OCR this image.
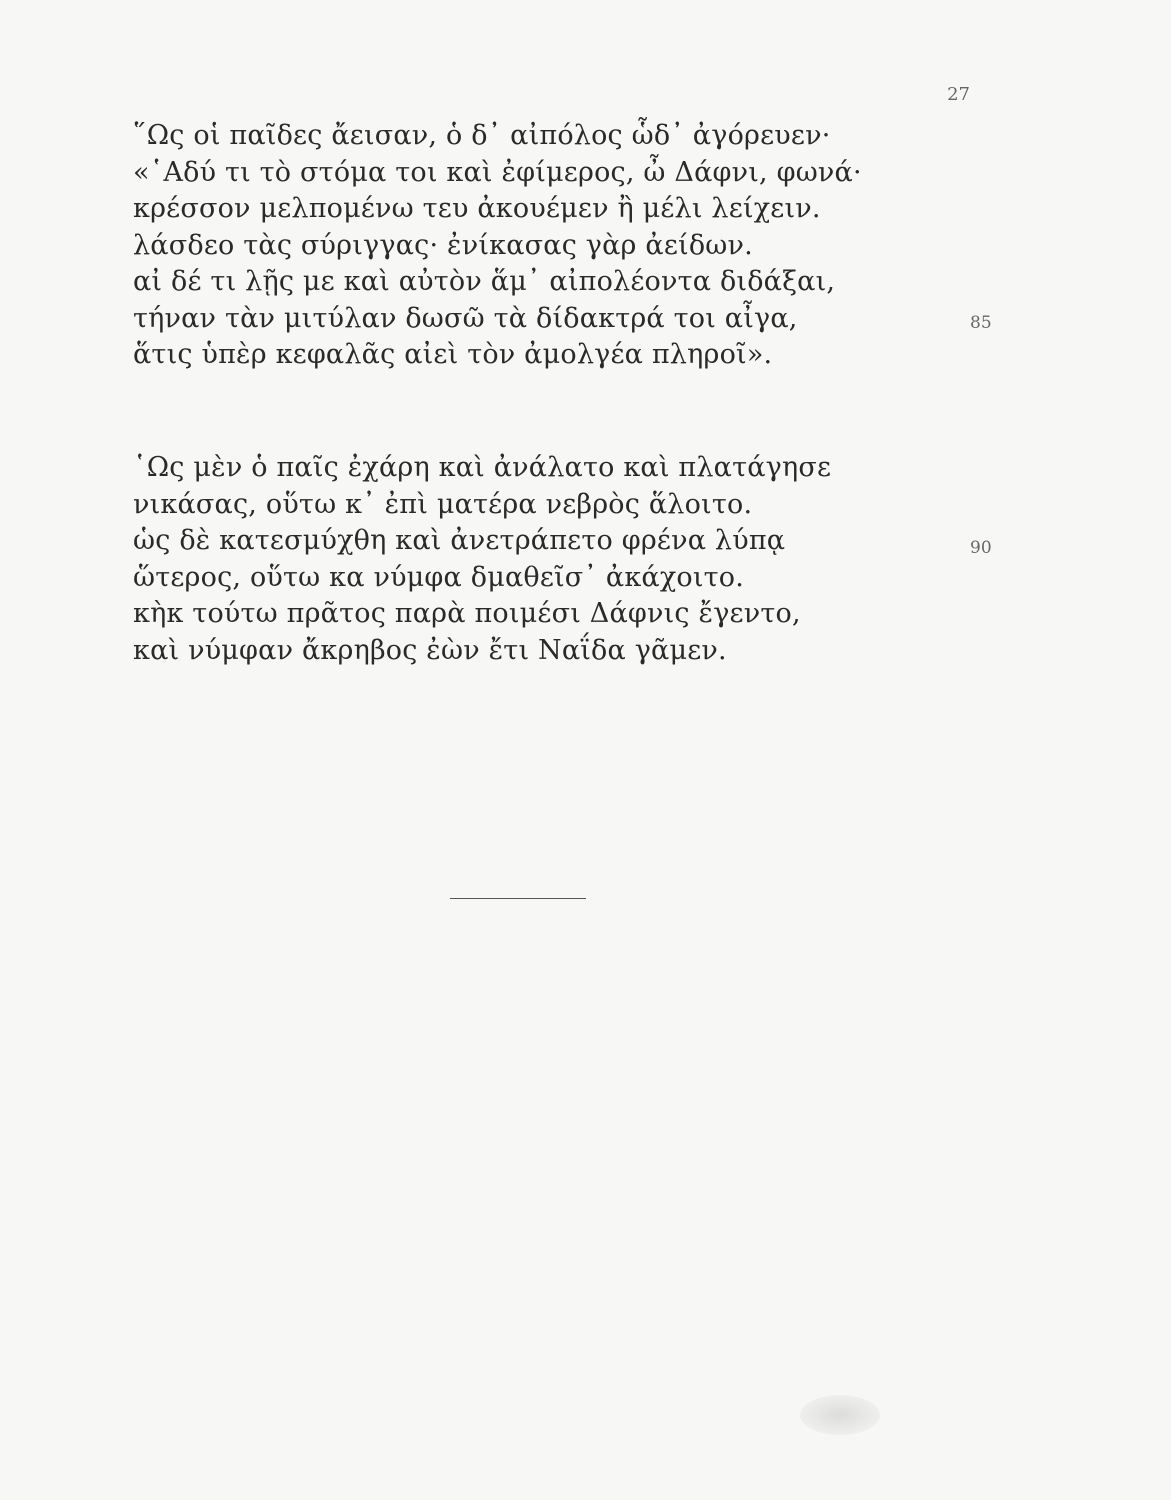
27
῞Ως οἱ παῖδες ἄεισαν, ὁ δ᾽ αἰπόλος ὧδ᾽ ἀγόρευεν·
«῾Αδύ τι τὸ στόμα τοι καὶ ἐφίμερος, ὦ Δάφνι, φωνά·
κρέσσον μελπομένω τευ ἀκουέμεν ἢ μέλι λείχειν.
λάσδεο τὰς σύριγγας· ἐνίκασας γὰρ ἀείδων.
αἰ δέ τι λῇς με καὶ αὐτὸν ἅμ᾽ αἰπολέοντα διδάξαι,
τήναν τὰν μιτύλαν δωσῶ τὰ δίδακτρά τοι αἶγα,
ἅτις ὑπὲρ κεφαλᾶς αἰεὶ τὸν ἀμολγέα πληροῖ».
85
῾Ως μὲν ὁ παῖς ἐχάρη καὶ ἀνάλατο καὶ πλατάγησε
νικάσας, οὕτω κ᾽ ἐπὶ ματέρα νεβρὸς ἅλοιτο.
ὡς δὲ κατεσμύχθη καὶ ἀνετράπετο φρένα λύπᾳ
ὥτερος, οὕτω κα νύμφα δμαθεῖσ᾽ ἀκάχοιτο.
κὴκ τούτω πρᾶτος παρὰ ποιμέσι Δάφνις ἔγεντο,
καὶ νύμφαν ἄκρηβος ἐὼν ἔτι Ναΐδα γᾶμεν.
90
